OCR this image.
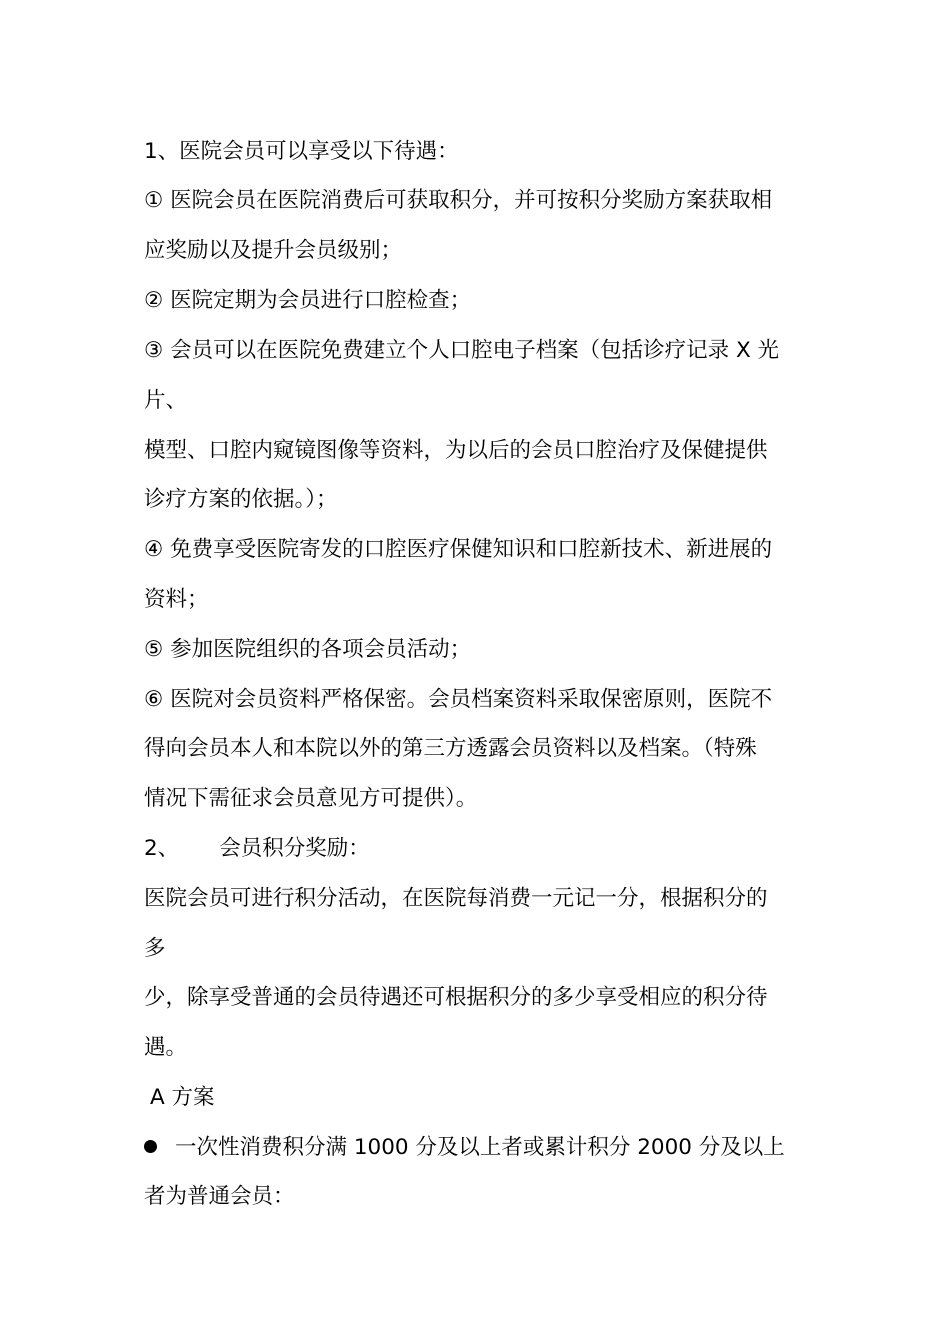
1、医院会员可以享受以下待遇：
① 医院会员在医院消费后可获取积分，并可按积分奖励方案获取相
应奖励以及提升会员级别；
② 医院定期为会员进行口腔检查；
③ 会员可以在医院免费建立个人口腔电子档案（包括诊疗记录 X 光
片、
模型、口腔内窥镜图像等资料，为以后的会员口腔治疗及保健提供
诊疗方案的依据。）；
④ 免费享受医院寄发的口腔医疗保健知识和口腔新技术、新进展的
资料；
⑤ 参加医院组织的各项会员活动；
⑥ 医院对会员资料严格保密。会员档案资料采取保密原则，医院不
得向会员本人和本院以外的第三方透露会员资料以及档案。（特殊
情况下需征求会员意见方可提供）。
2、 会员积分奖励：
医院会员可进行积分活动，在医院每消费一元记一分，根据积分的
多
少，除享受普通的会员待遇还可根据积分的多少享受相应的积分待
遇。
A 方案
一次性消费积分满 1000 分及以上者或累计积分 2000 分及以上
者为普通会员：
